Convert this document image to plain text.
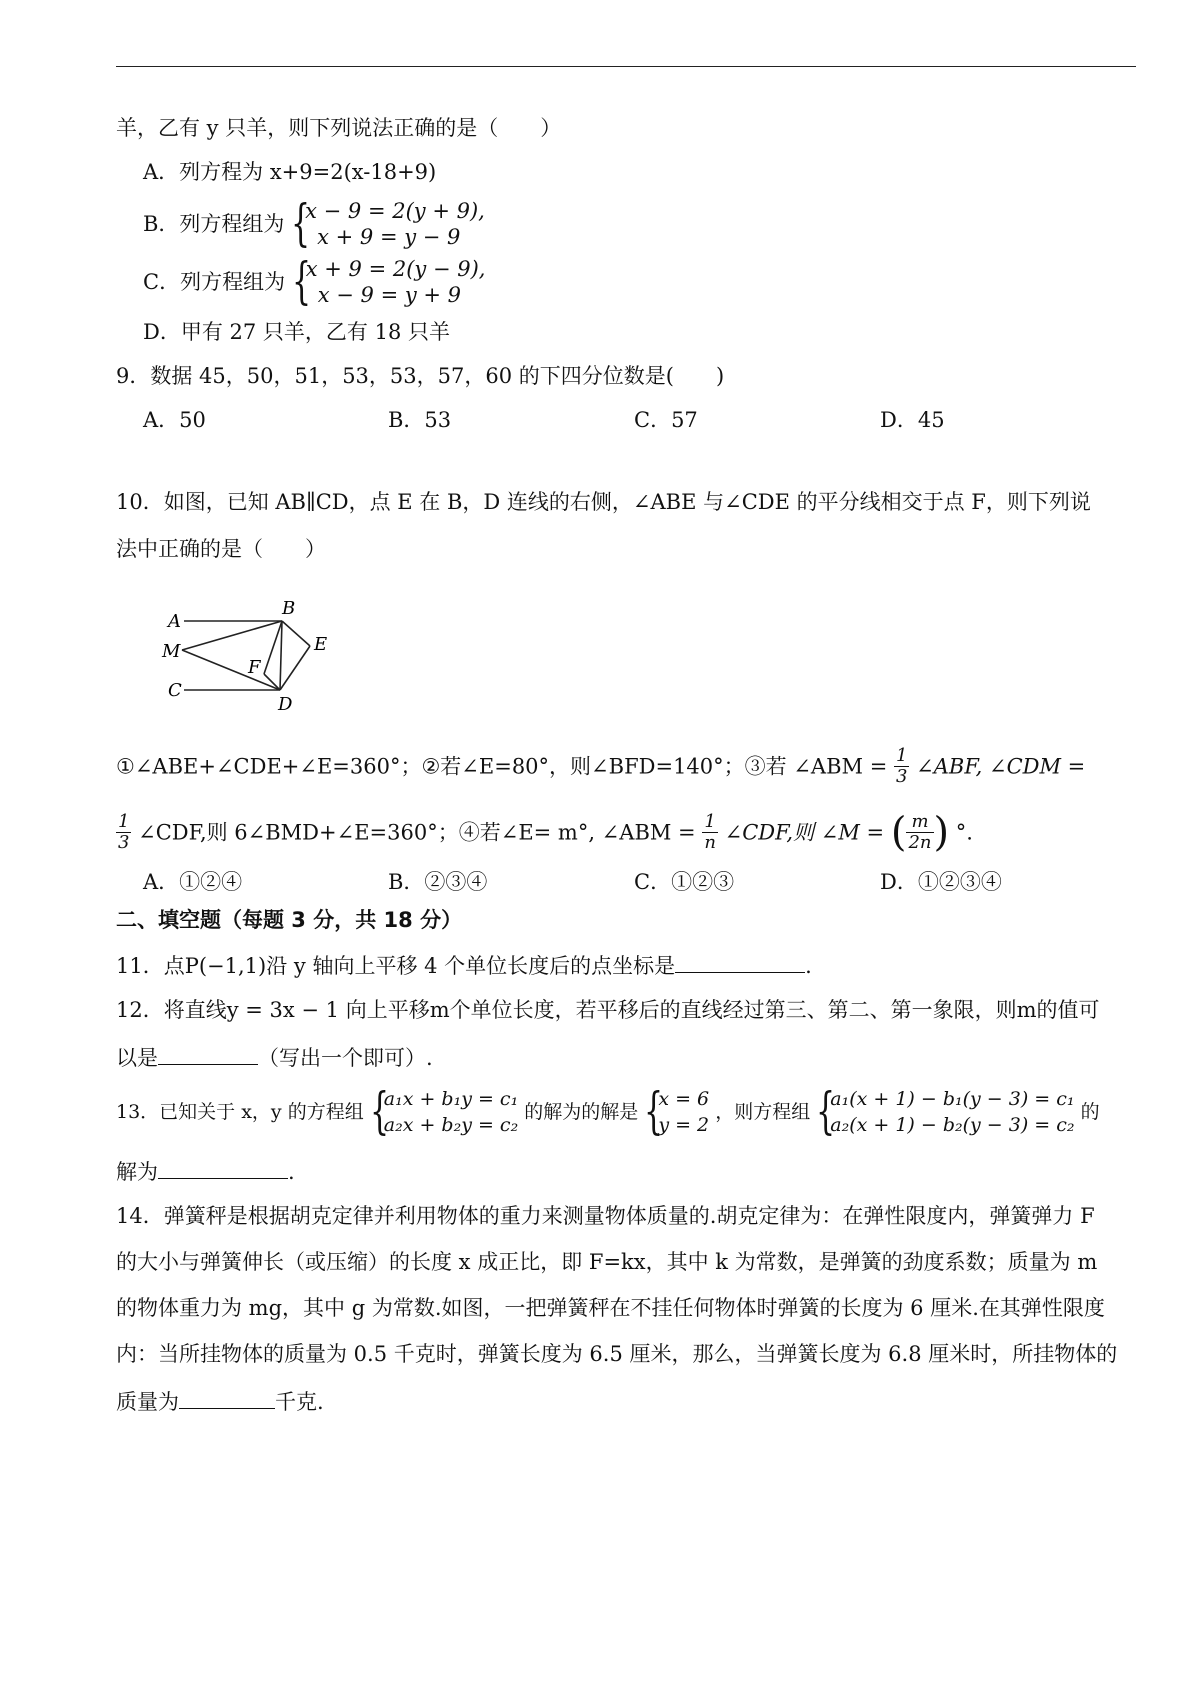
羊，乙有 y 只羊，则下列说法正确的是（　　）
A．列方程为 x+9=2(x-18+9)
B．列方程组为 {
x − 9 = 2(y + 9),
x + 9 = y − 9
C．列方程组为 {
x + 9 = 2(y − 9),
x − 9 = y + 9
D．甲有 27 只羊，乙有 18 只羊
9．数据 45，50，51，53，53，57，60 的下四分位数是(　　)
A．50	B．53	C．57	D．45
10．如图，已知 AB∥CD，点 E 在 B，D 连线的右侧，∠ABE 与∠CDE 的平分线相交于点 F，则下列说
法中正确的是（　　）
A
B
M	E
F
C
D
①∠ABE+∠CDE+∠E=360°；②若∠E=80°，则∠BFD=140°；③若 ∠ABM = $\frac{1}{3}$ ∠ABF, ∠CDM =
$\frac{1}{3}$ ∠CDF,则 6∠BMD+∠E=360°；④若∠E= m°, ∠ABM = $\frac{1}{n}$ ∠CDF,则 ∠M = ( $\frac{m}{2n}$ ) °.
A．①②④	B．②③④	C．①②③	D．①②③④
二、填空题（每题 3 分，共 18 分）
11．点P(−1,1)沿 y 轴向上平移 4 个单位长度后的点坐标是	.
12．将直线y = 3x − 1 向上平移m个单位长度，若平移后的直线经过第三、第二、第一象限，则m的值可
以是	（写出一个即可）.
13．已知关于 x，y 的方程组 {
a₁x + b₁y = c₁
a₂x + b₂y = c₂
的解为的解是 {
x = 6
y = 2
，则方程组 {
a₁(x + 1) − b₁(y − 3) = c₁
a₂(x + 1) − b₂(y − 3) = c₂
的
解为	.
14．弹簧秤是根据胡克定律并利用物体的重力来测量物体质量的.胡克定律为：在弹性限度内，弹簧弹力 F
的大小与弹簧伸长（或压缩）的长度 x 成正比，即 F=kx，其中 k 为常数，是弹簧的劲度系数；质量为 m
的物体重力为 mg，其中 g 为常数.如图，一把弹簧秤在不挂任何物体时弹簧的长度为 6 厘米.在其弹性限度
内：当所挂物体的质量为 0.5 千克时，弹簧长度为 6.5 厘米，那么，当弹簧长度为 6.8 厘米时，所挂物体的
质量为	千克.
